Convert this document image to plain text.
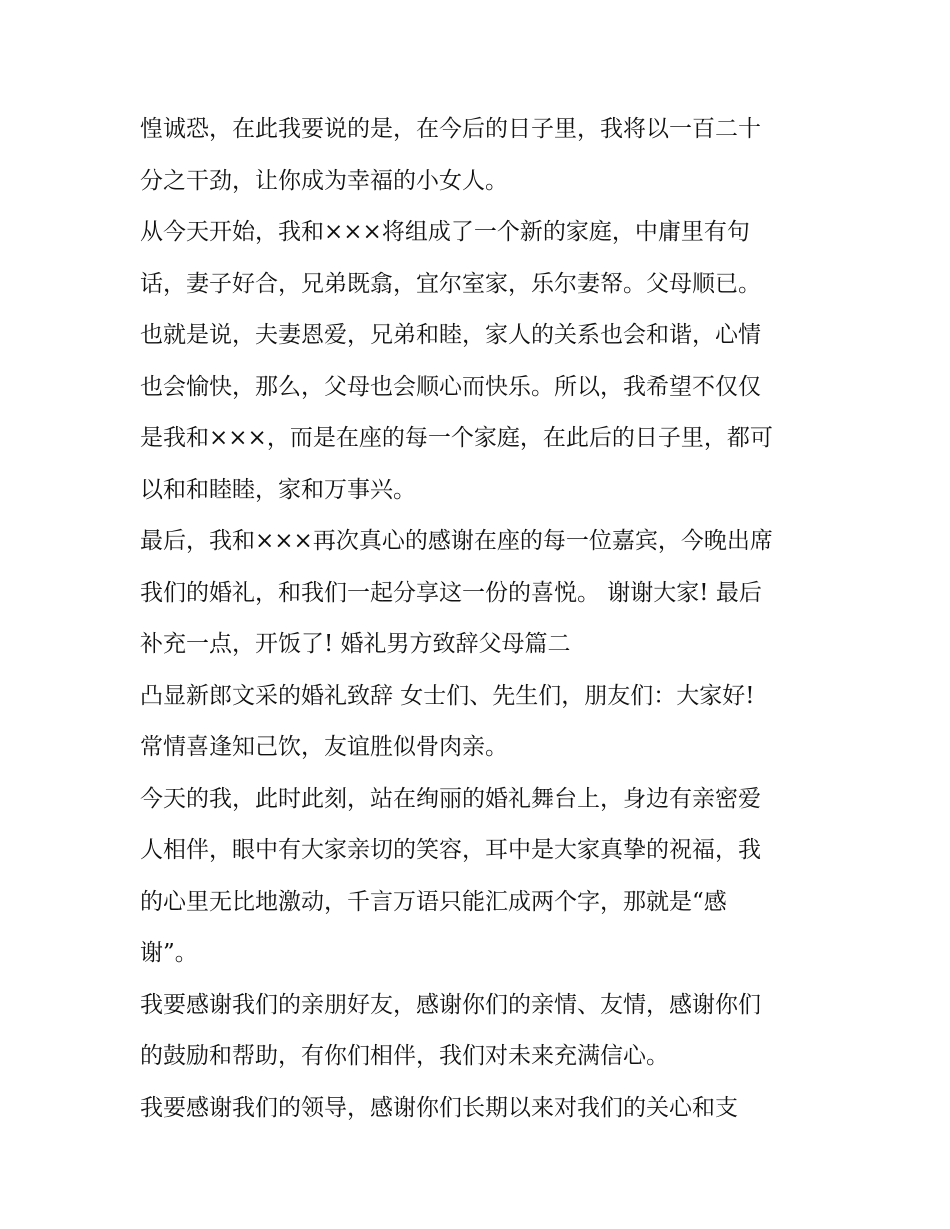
惶诚恐，在此我要说的是，在今后的日子里，我将以一百二十
分之干劲，让你成为幸福的小女人。
从今天开始，我和×××将组成了一个新的家庭，中庸里有句
话，妻子好合，兄弟既翕，宜尔室家，乐尔妻帑。父母顺已。
也就是说，夫妻恩爱，兄弟和睦，家人的关系也会和谐，心情
也会愉快，那么，父母也会顺心而快乐。所以，我希望不仅仅
是我和×××，而是在座的每一个家庭，在此后的日子里，都可
以和和睦睦，家和万事兴。
最后，我和×××再次真心的感谢在座的每一位嘉宾，今晚出席
我们的婚礼，和我们一起分享这一份的喜悦。 谢谢大家! 最后
补充一点，开饭了! 婚礼男方致辞父母篇二
凸显新郎文采的婚礼致辞 女士们、先生们，朋友们：大家好!
常情喜逢知己饮，友谊胜似骨肉亲。
今天的我，此时此刻，站在绚丽的婚礼舞台上，身边有亲密爱
人相伴，眼中有大家亲切的笑容，耳中是大家真挚的祝福，我
的心里无比地激动，千言万语只能汇成两个字，那就是“感
谢”。
我要感谢我们的亲朋好友，感谢你们的亲情、友情，感谢你们
的鼓励和帮助，有你们相伴，我们对未来充满信心。
我要感谢我们的领导，感谢你们长期以来对我们的关心和支
